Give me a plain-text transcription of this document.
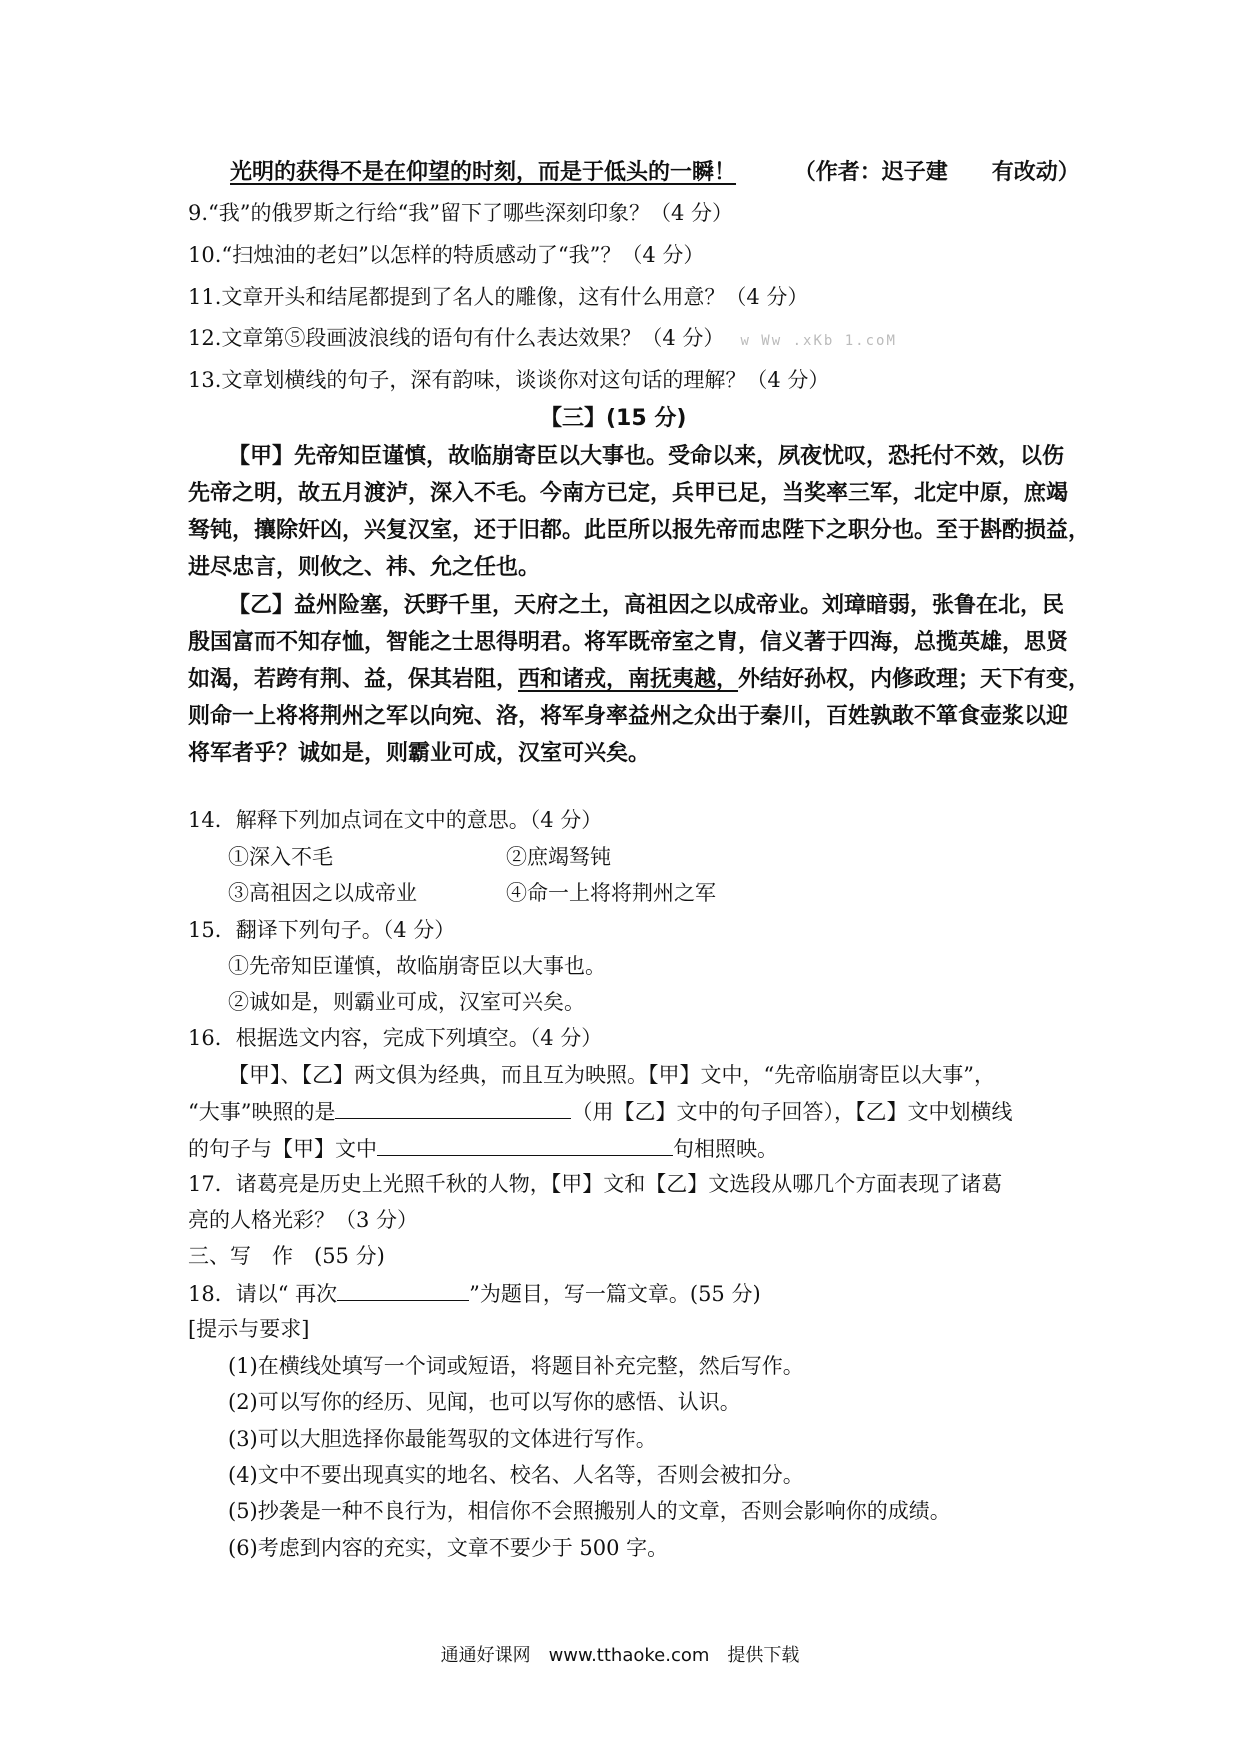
光明的获得不是在仰望的时刻，而是于低头的一瞬！	（作者：迟子建　　有改动）
9.“我”的俄罗斯之行给“我”留下了哪些深刻印象？（4 分）
10.“扫烛油的老妇”以怎样的特质感动了“我”？（4 分）
11.文章开头和结尾都提到了名人的雕像，这有什么用意？（4 分）
12.文章第⑤段画波浪线的语句有什么表达效果？（4 分） w Ww .xKb 1.coM
13.文章划横线的句子，深有韵味，谈谈你对这句话的理解？（4 分）
【三】(15 分)
【甲】先帝知臣谨慎，故临崩寄臣以大事也。受命以来，夙夜忧叹，恐托付不效，以伤
先帝之明，故五月渡泸，深入不毛。今南方已定，兵甲已足，当奖率三军，北定中原，庶竭
驽钝，攘除奸凶，兴复汉室，还于旧都。此臣所以报先帝而忠陛下之职分也。至于斟酌损益，
进尽忠言，则攸之、祎、允之任也。
【乙】益州险塞，沃野千里，天府之土，高祖因之以成帝业。刘璋暗弱，张鲁在北，民
殷国富而不知存恤，智能之士思得明君。将军既帝室之胄，信义著于四海，总揽英雄，思贤
如渴，若跨有荆、益，保其岩阻，西和诸戎，南抚夷越，外结好孙权，内修政理；天下有变，
则命一上将将荆州之军以向宛、洛，将军身率益州之众出于秦川，百姓孰敢不箪食壶浆以迎
将军者乎？诚如是，则霸业可成，汉室可兴矣。
14．解释下列加点词在文中的意思。（4 分）
①深入不毛	②庶竭驽钝
③高祖因之以成帝业	④命一上将将荆州之军
15．翻译下列句子。（4 分）
①先帝知臣谨慎，故临崩寄臣以大事也。
②诚如是，则霸业可成，汉室可兴矣。
16．根据选文内容，完成下列填空。（4 分）
【甲】、【乙】两文俱为经典，而且互为映照。【甲】文中，“先帝临崩寄臣以大事”，
“大事”映照的是	（用【乙】文中的句子回答），【乙】文中划横线
的句子与【甲】文中	句相照映。
17．诸葛亮是历史上光照千秋的人物，【甲】文和【乙】文选段从哪几个方面表现了诸葛
亮的人格光彩？（3 分）
三、写　作　(55 分)
18．请以“ 再次	”为题目，写一篇文章。(55 分)
[提示与要求]
(1)在横线处填写一个词或短语，将题目补充完整，然后写作。
(2)可以写你的经历、见闻，也可以写你的感悟、认识。
(3)可以大胆选择你最能驾驭的文体进行写作。
(4)文中不要出现真实的地名、校名、人名等，否则会被扣分。
(5)抄袭是一种不良行为，相信你不会照搬别人的文章，否则会影响你的成绩。
(6)考虑到内容的充实，文章不要少于 500 字。
通通好课网　www.tthaoke.com　提供下载
